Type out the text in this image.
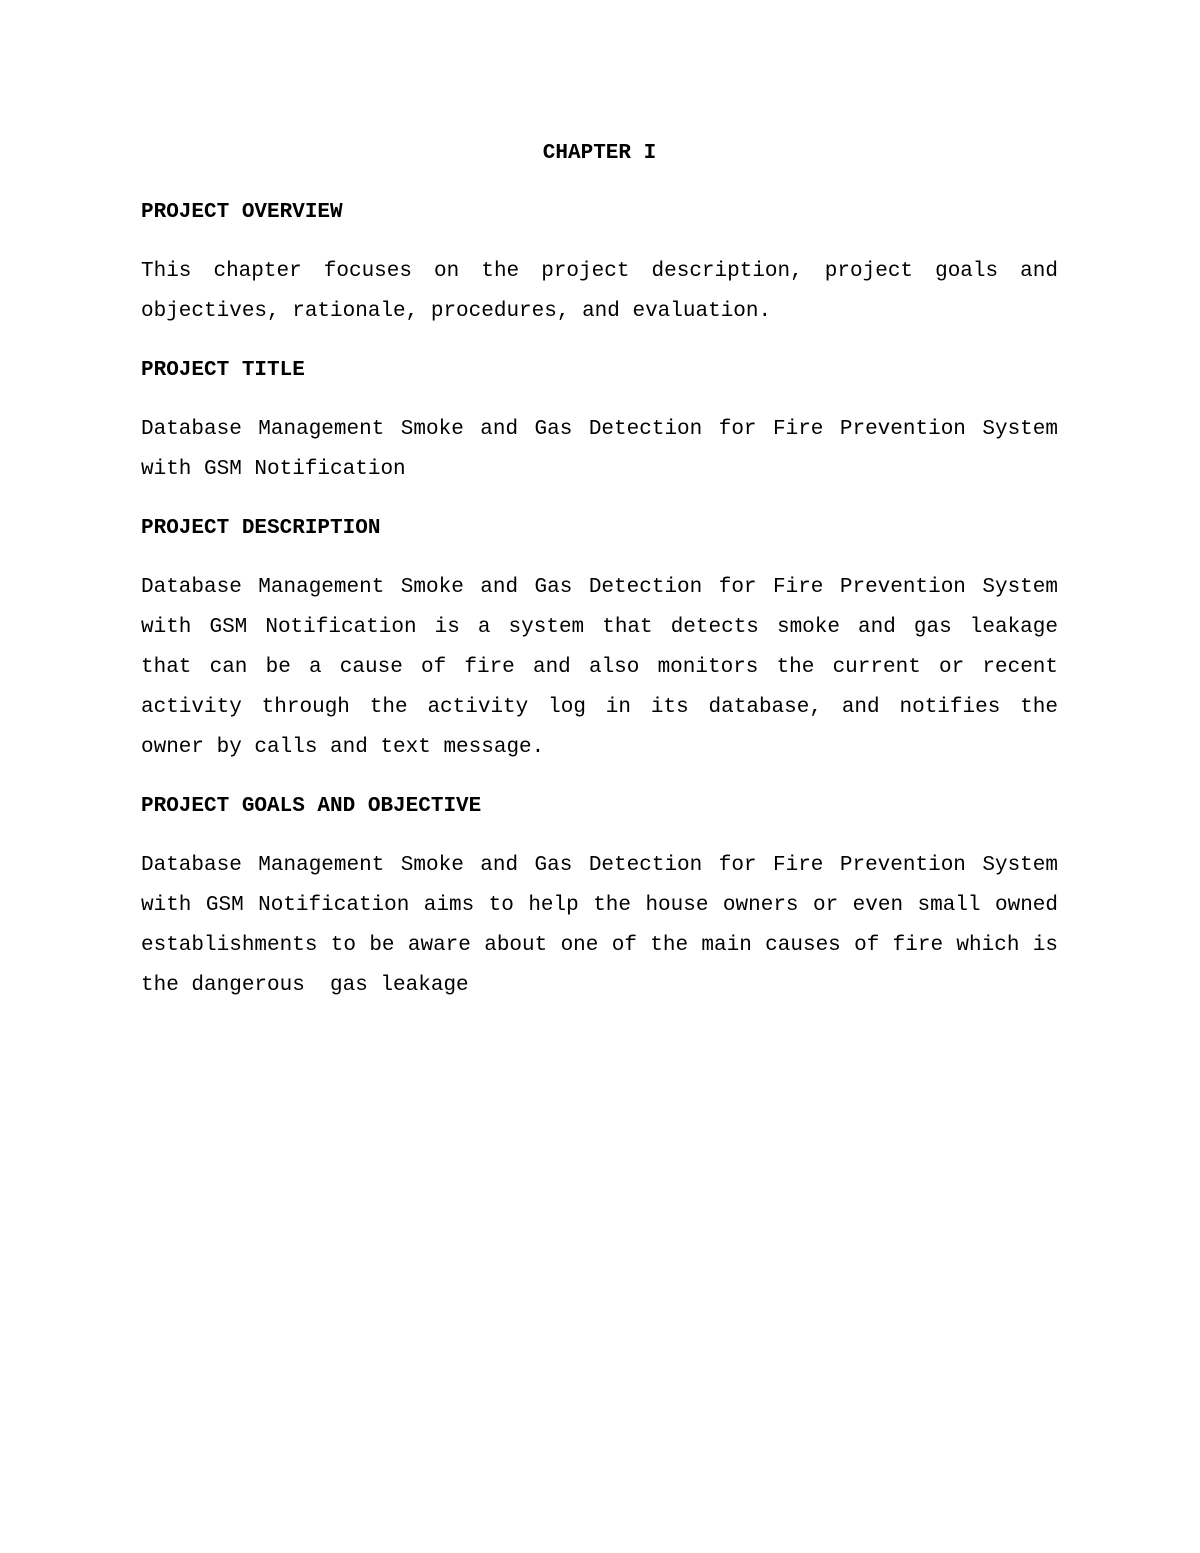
CHAPTER I
PROJECT OVERVIEW
This chapter focuses on the project description, project goals and objectives, rationale, procedures, and evaluation.
PROJECT TITLE
Database Management Smoke and Gas Detection for Fire Prevention System with GSM Notification
PROJECT DESCRIPTION
Database Management Smoke and Gas Detection for Fire Prevention System with GSM Notification is a system that detects smoke and gas leakage that can be a cause of fire and also monitors the current or recent activity through the activity log in its database, and notifies the owner by calls and text message.
PROJECT GOALS AND OBJECTIVE
Database Management Smoke and Gas Detection for Fire Prevention System with GSM Notification aims to help the house owners or even small owned establishments to be aware about one of the main causes of fire which is the dangerous  gas leakage
